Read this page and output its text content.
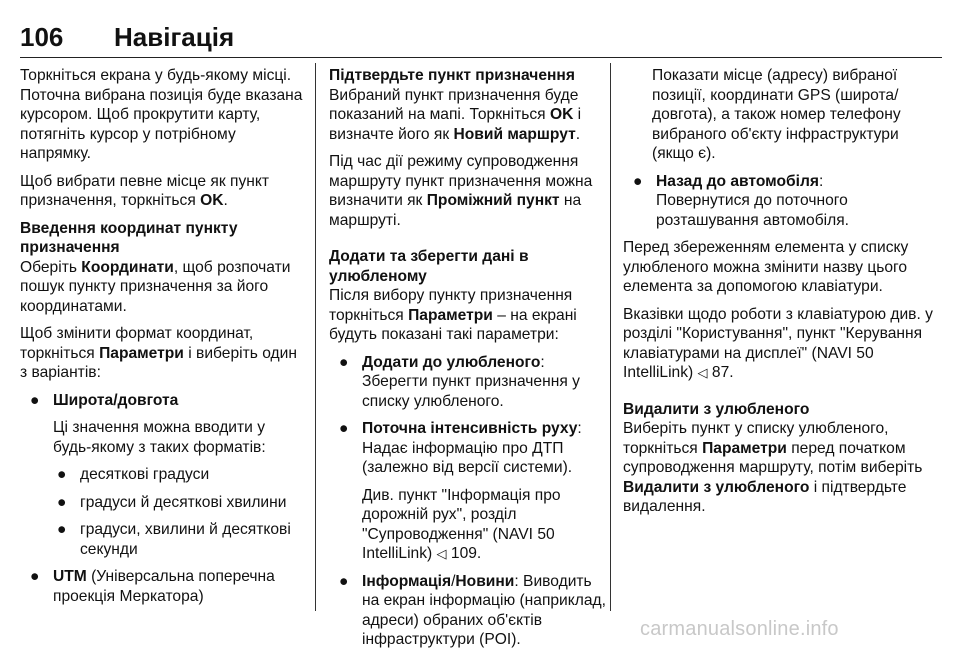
106 Навігація

Торкніться екрана у будь-якому місці. Поточна вибрана позиція буде вказана курсором. Щоб прокрутити карту, потягніть курсор у потрібному напрямку.

Щоб вибрати певне місце як пункт призначення, торкніться OK.

Введення координат пункту призначення

Оберіть Координати, щоб розпочати пошук пункту призначення за його координатами.

Щоб змінити формат координат, торкніться Параметри і виберіть один з варіантів:

● Широта/довгота

Ці значення можна вводити у будь-якому з таких форматів:

● десяткові градуси
● градуси й десяткові хвилини
● градуси, хвилини й десяткові секунди
● UTM (Універсальна поперечна проекція Меркатора)
Підтвердьте пункт призначення

Вибраний пункт призначення буде показаний на мапі. Торкніться OK і визначте його як Новий маршрут.

Під час дії режиму супроводження маршруту пункт призначення можна визначити як Проміжний пункт на маршруті.

Додати та зберегти дані в улюбленому

Після вибору пункту призначення торкніться Параметри – на екрані будуть показані такі параметри:

● Додати до улюбленого:
Зберегти пункт призначення у списку улюбленого.
● Поточна інтенсивність руху:
Надає інформацію про ДТП (залежно від версії системи).

Див. пункт "Інформація про дорожній рух", розділ "Супроводження" (NAVI 50 IntelliLink) ◁ 109.

● Інформація/Новини: Виводить на екран інформацію (наприклад, адреси) обраних об'єктів інфраструктури (POI).

Показати місце (адресу) вибраної позиції, координати GPS (широта/довгота), а також номер телефону вибраного об'єкту інфраструктури (якщо є).

● Назад до автомобіля:
Повернутися до поточного розташування автомобіля.

Перед збереженням елемента у списку улюбленого можна змінити назву цього елемента за допомогою клавіатури.

Вказівки щодо роботи з клавіатурою див. у розділі "Користування", пункт "Керування клавіатурами на дисплеї" (NAVI 50 IntelliLink) ◁ 87.

Видалити з улюбленого

Виберіть пункт у списку улюбленого, торкніться Параметри перед початком супроводження маршруту, потім виберіть Видалити з улюбленого і підтвердьте видалення.

carmanualsonline.info
